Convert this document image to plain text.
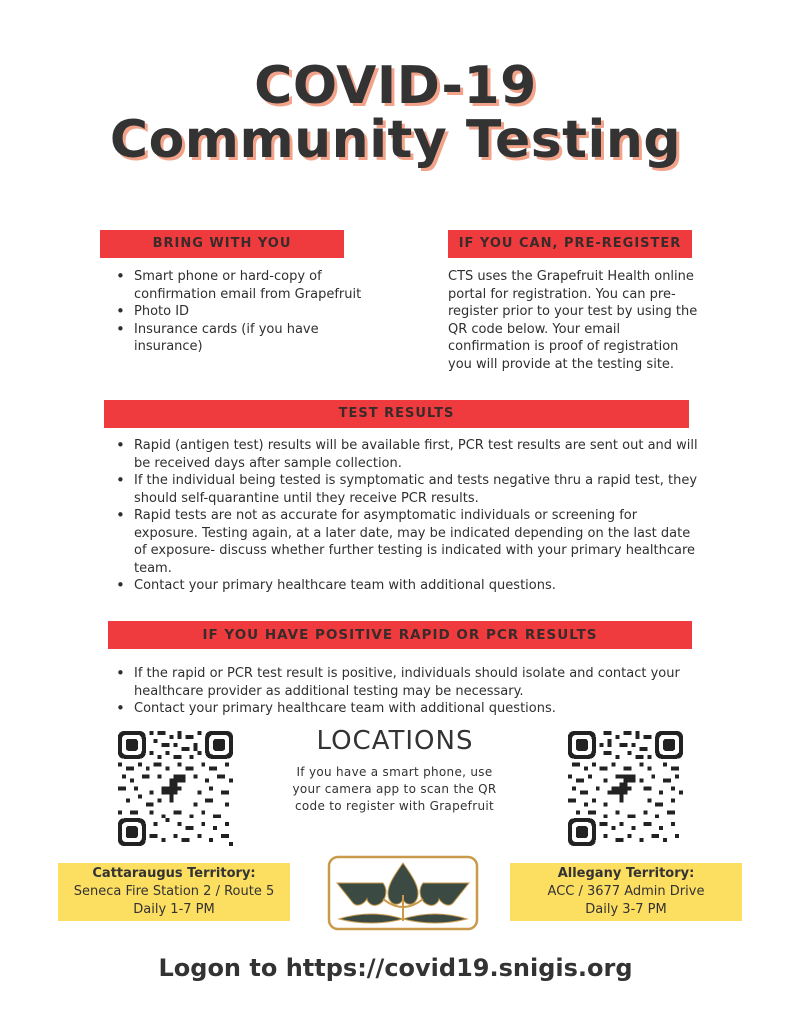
COVID-19
Community Testing
BRING WITH YOU
• Smart phone or hard-copy of confirmation email from Grapefruit
• Photo ID
• Insurance cards (if you have insurance)
IF YOU CAN, PRE-REGISTER
CTS uses the Grapefruit Health online portal for registration. You can pre-register prior to your test by using the QR code below. Your email confirmation is proof of registration you will provide at the testing site.
TEST RESULTS
• Rapid (antigen test) results will be available first, PCR test results are sent out and will be received days after sample collection.
• If the individual being tested is symptomatic and tests negative thru a rapid test, they should self-quarantine until they receive PCR results.
• Rapid tests are not as accurate for asymptomatic individuals or screening for exposure. Testing again, at a later date, may be indicated depending on the last date of exposure- discuss whether further testing is indicated with your primary healthcare team.
• Contact your primary healthcare team with additional questions.
IF YOU HAVE POSITIVE RAPID OR PCR RESULTS
• If the rapid or PCR test result is positive, individuals should isolate and contact your healthcare provider as additional testing may be necessary.
• Contact your primary healthcare team with additional questions.
LOCATIONS
If you have a smart phone, use your camera app to scan the QR code to register with Grapefruit
Cattaraugus Territory:
Seneca Fire Station 2 / Route 5
Daily 1-7 PM
Allegany Territory:
ACC / 3677 Admin Drive
Daily 3-7 PM
Logon to https://covid19.snigis.org
